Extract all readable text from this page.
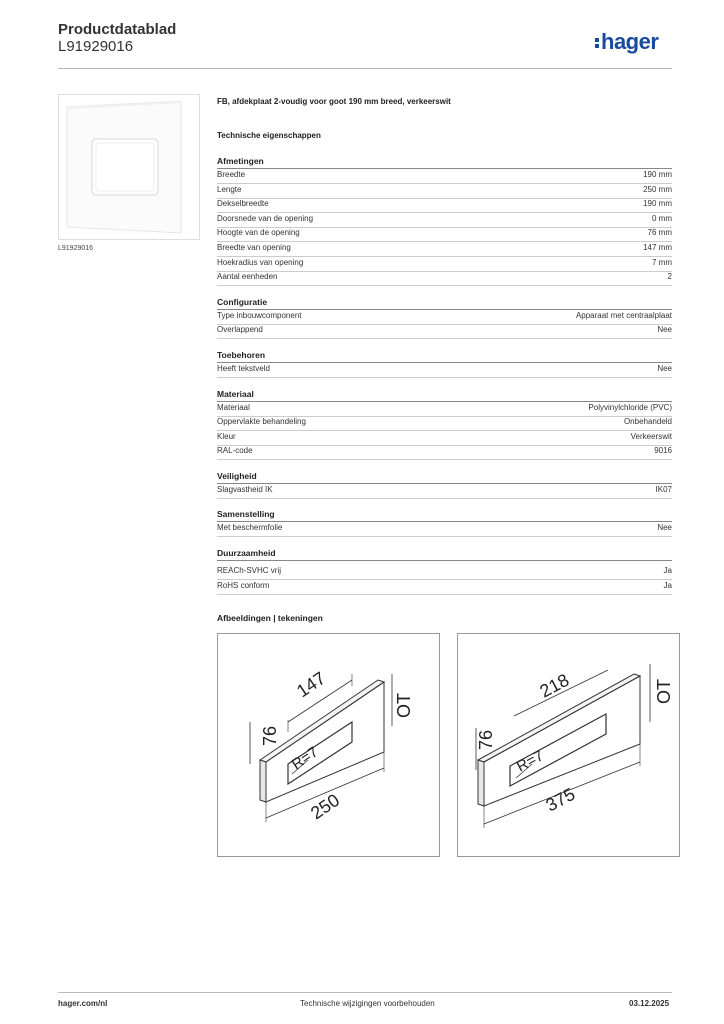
Productdatablad
L91929016	hager
L91929016
FB, afdekplaat 2-voudig voor goot 190 mm breed, verkeerswit
Technische eigenschappen
Afmetingen
Breedte	190 mm
Lengte	250 mm
Dekselbreedte	190 mm
Doorsnede van de opening	0 mm
Hoogte van de opening	76 mm
Breedte van opening	147 mm
Hoekradius van opening	7 mm
Aantal eenheden	2
Configuratie
Type inbouwcomponent	Apparaat met centraalplaat
Overlappend	Nee
Toebehoren
Heeft tekstveld	Nee
Materiaal
Materiaal	Polyvinylchloride (PVC)
Oppervlakte behandeling	Onbehandeld
Kleur	Verkeerswit
RAL-code	9016
Veiligheid
Slagvastheid IK	IK07
Samenstelling
Met beschermfolie	Nee
Duurzaamheid
REACh-SVHC vrij	Ja
RoHS conform	Ja
Afbeeldingen | tekeningen
147
76
R=7
250
OT
218
76
R=7
375
OT
hager.com/nl	Technische wijzigingen voorbehouden	03.12.2025
